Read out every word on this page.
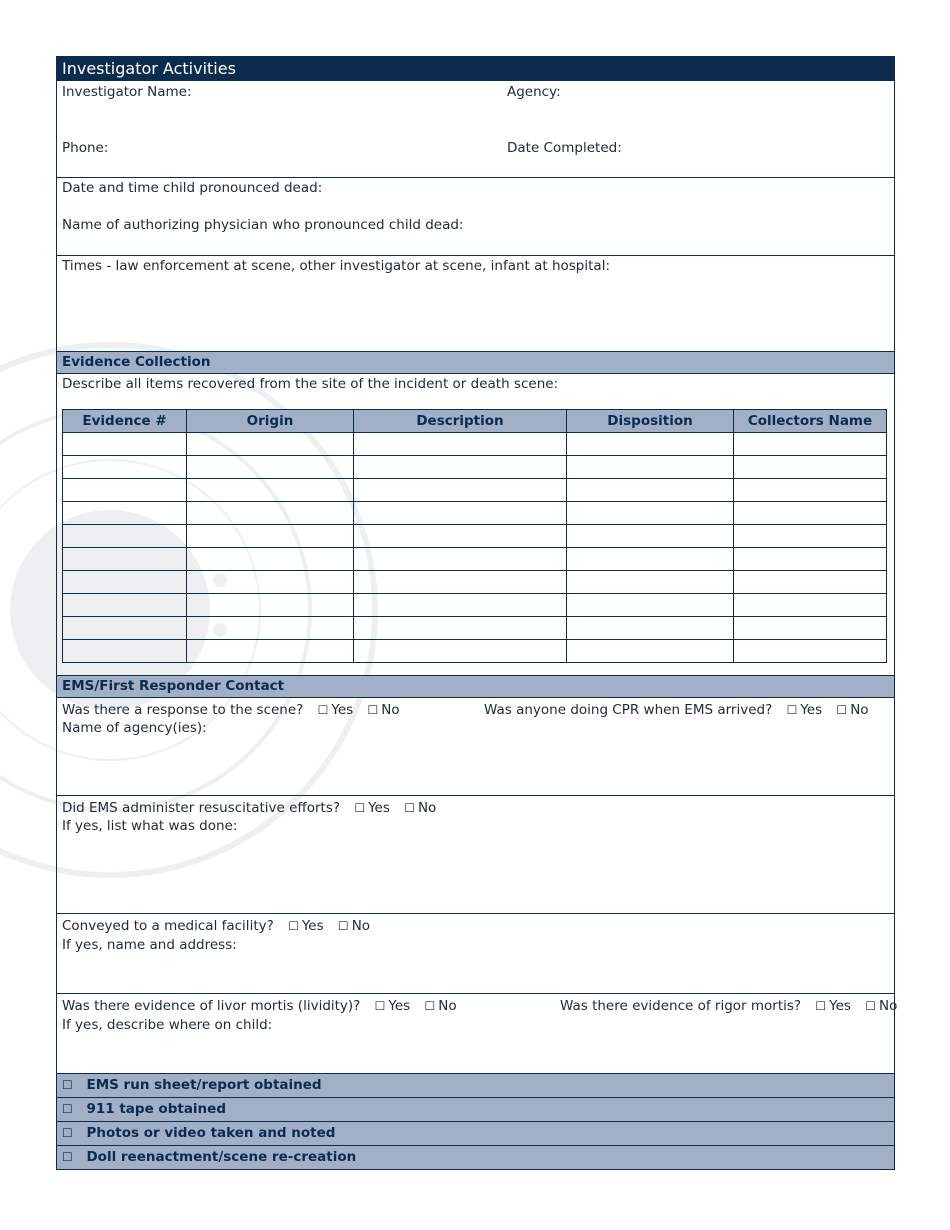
Investigator Activities
Investigator Name:	Agency:
Phone:	Date Completed:
Date and time child pronounced dead:
Name of authorizing physician who pronounced child dead:
Times - law enforcement at scene, other investigator at scene, infant at hospital:
Evidence Collection
Describe all items recovered from the site of the incident or death scene:
Evidence #	Origin	Description	Disposition	Collectors Name

EMS/First Responder Contact
Was there a response to the scene? ☐ Yes ☐ No	Was anyone doing CPR when EMS arrived? ☐ Yes ☐ No
Name of agency(ies):
Did EMS administer resuscitative efforts? ☐ Yes ☐ No
If yes, list what was done:
Conveyed to a medical facility? ☐ Yes ☐ No
If yes, name and address:
Was there evidence of livor mortis (lividity)? ☐ Yes ☐ No	Was there evidence of rigor mortis? ☐ Yes ☐ No
If yes, describe where on child:
☐ EMS run sheet/report obtained
☐ 911 tape obtained
☐ Photos or video taken and noted
☐ Doll reenactment/scene re-creation
